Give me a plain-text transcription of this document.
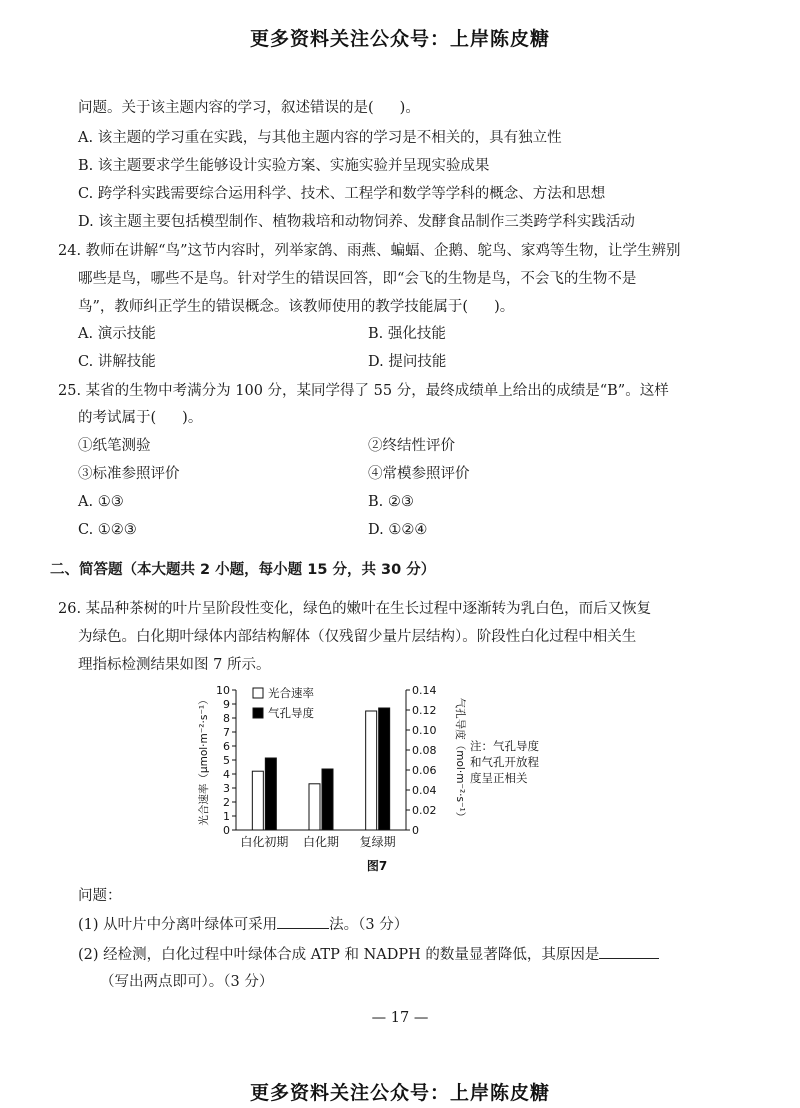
更多资料关注公众号：上岸陈皮糖
问题。关于该主题内容的学习，叙述错误的是( )。
A. 该主题的学习重在实践，与其他主题内容的学习是不相关的，具有独立性
B. 该主题要求学生能够设计实验方案、实施实验并呈现实验成果
C. 跨学科实践需要综合运用科学、技术、工程学和数学等学科的概念、方法和思想
D. 该主题主要包括模型制作、植物栽培和动物饲养、发酵食品制作三类跨学科实践活动
24. 教师在讲解“鸟”这节内容时，列举家鸽、雨燕、蝙蝠、企鹅、鸵鸟、家鸡等生物，让学生辨别
哪些是鸟，哪些不是鸟。针对学生的错误回答，即“会飞的生物是鸟，不会飞的生物不是
鸟”，教师纠正学生的错误概念。该教师使用的教学技能属于( )。
A. 演示技能	B. 强化技能
C. 讲解技能	D. 提问技能
25. 某省的生物中考满分为 100 分，某同学得了 55 分，最终成绩单上给出的成绩是“B”。这样
的考试属于( )。
①纸笔测验	②终结性评价
③标准参照评价	④常模参照评价
A. ①③	B. ②③
C. ①②③	D. ①②④
二、简答题（本大题共 2 小题，每小题 15 分，共 30 分）
26. 某品种茶树的叶片呈阶段性变化，绿色的嫩叶在生长过程中逐渐转为乳白色，而后又恢复
为绿色。白化期叶绿体内部结构解体（仅残留少量片层结构）。阶段性白化过程中相关生
理指标检测结果如图 7 所示。
0
1
2
3
4
5
6
7
8
9
10
0
0.02
0.04
0.06
0.08
0.10
0.12
0.14
白化初期 白化期 复绿期
光合速率
气孔导度
光合速率（μmol·m⁻²·s⁻¹）	气孔导度（mol·m⁻²·s⁻¹） 注：气孔导度
和气孔开放程
度呈正相关
图7
问题：
(1) 从叶片中分离叶绿体可采用	法。（3 分）
(2) 经检测，白化过程中叶绿体合成 ATP 和 NADPH 的数量显著降低，其原因是
（写出两点即可）。（3 分）
— 17 —
更多资料关注公众号：上岸陈皮糖
